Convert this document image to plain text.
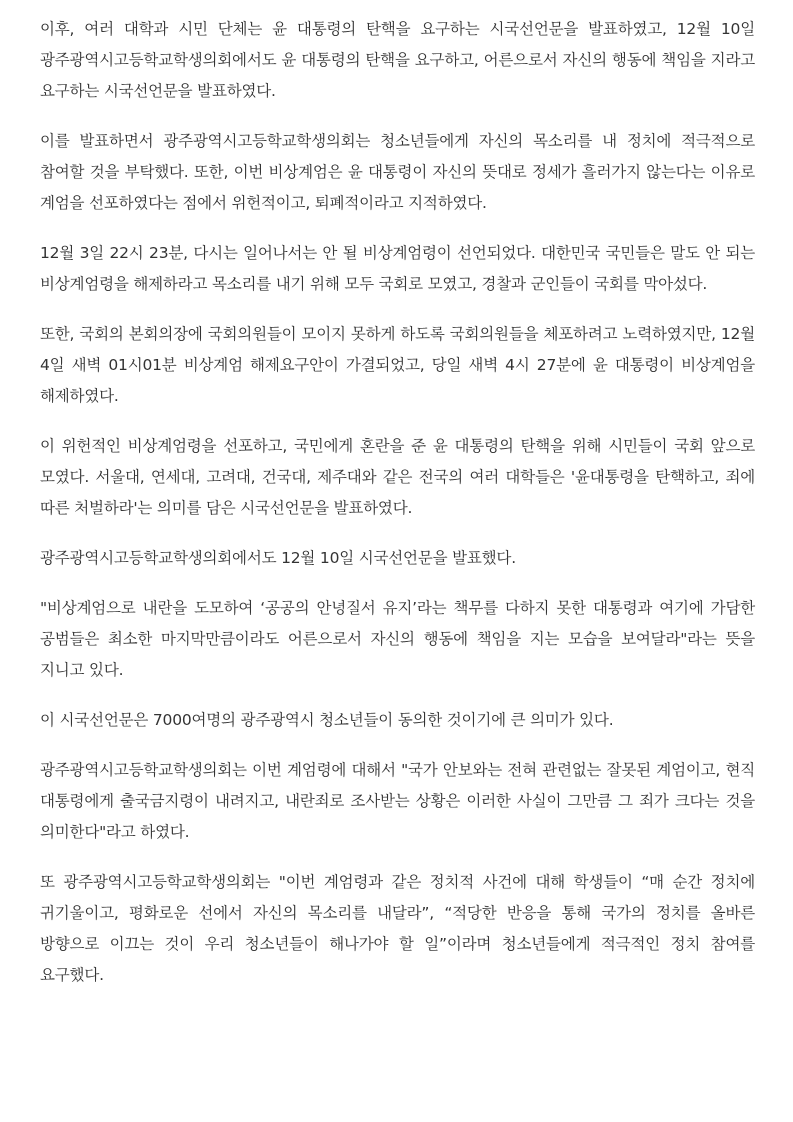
이후, 여러 대학과 시민 단체는 윤 대통령의 탄핵을 요구하는 시국선언문을 발표하였고, 12월 10일 광주광역시고등학교학생의회에서도 윤 대통령의 탄핵을 요구하고, 어른으로서 자신의 행동에 책임을 지라고 요구하는 시국선언문을 발표하였다.

이를 발표하면서 광주광역시고등학교학생의회는 청소년들에게 자신의 목소리를 내 정치에 적극적으로 참여할 것을 부탁했다. 또한, 이번 비상계엄은 윤 대통령이 자신의 뜻대로 정세가 흘러가지 않는다는 이유로 계엄을 선포하였다는 점에서 위헌적이고, 퇴폐적이라고 지적하였다.

12월 3일 22시 23분, 다시는 일어나서는 안 될 비상계엄령이 선언되었다. 대한민국 국민들은 말도 안 되는 비상계엄령을 해제하라고 목소리를 내기 위해 모두 국회로 모였고, 경찰과 군인들이 국회를 막아섰다.

또한, 국회의 본회의장에 국회의원들이 모이지 못하게 하도록 국회의원들을 체포하려고 노력하였지만, 12월 4일 새벽 01시01분 비상계엄 해제요구안이 가결되었고, 당일 새벽 4시 27분에 윤 대통령이 비상계엄을 해제하였다.

이 위헌적인 비상계엄령을 선포하고, 국민에게 혼란을 준 윤 대통령의 탄핵을 위해 시민들이 국회 앞으로 모였다. 서울대, 연세대, 고려대, 건국대, 제주대와 같은 전국의 여러 대학들은 '윤대통령을 탄핵하고, 죄에 따른 처벌하라'는 의미를 담은 시국선언문을 발표하였다.

광주광역시고등학교학생의회에서도 12월 10일 시국선언문을 발표했다.

"비상계엄으로 내란을 도모하여 ‘공공의 안녕질서 유지’라는 책무를 다하지 못한 대통령과 여기에 가담한 공범들은 최소한 마지막만큼이라도 어른으로서 자신의 행동에 책임을 지는 모습을 보여달라"라는 뜻을 지니고 있다.

이 시국선언문은 7000여명의 광주광역시 청소년들이 동의한 것이기에 큰 의미가 있다.

광주광역시고등학교학생의회는 이번 계엄령에 대해서 "국가 안보와는 전혀 관련없는 잘못된 계엄이고, 현직 대통령에게 출국금지령이 내려지고, 내란죄로 조사받는 상황은 이러한 사실이 그만큼 그 죄가 크다는 것을 의미한다"라고 하였다.

또 광주광역시고등학교학생의회는 "이번 계엄령과 같은 정치적 사건에 대해 학생들이 “매 순간 정치에 귀기울이고, 평화로운 선에서 자신의 목소리를 내달라”, “적당한 반응을 통해 국가의 정치를 올바른 방향으로 이끄는 것이 우리 청소년들이 해나가야 할 일”이라며 청소년들에게 적극적인 정치 참여를 요구했다.
